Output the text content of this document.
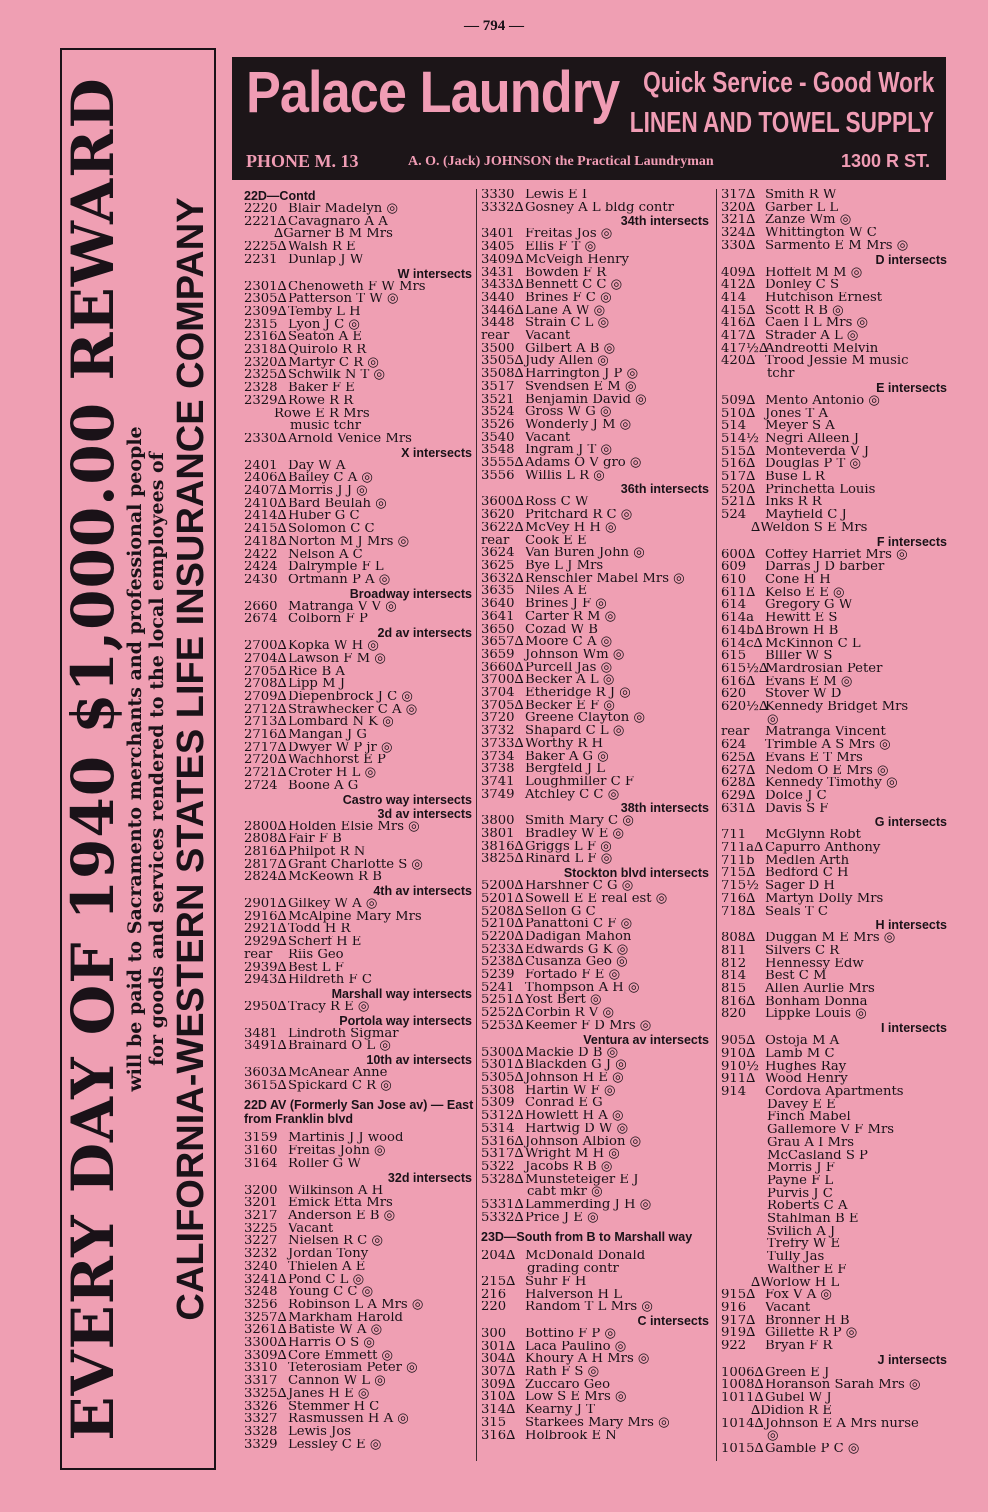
— 794 —
EVERY DAY OF 1940 $1,000.00 REWARD
will be paid to Sacramento merchants and professional people for goods and services rendered to the local employees of CALIFORNIA-WESTERN STATES LIFE INSURANCE COMPANY
Palace Laundry Quick Service - Good Work
LINEN AND TOWEL SUPPLY
PHONE M. 13	A. O. (Jack) JOHNSON the Practical Laundryman	1300 R ST.
22D—Contd
2220 Blair Madelyn ◎
2221∆Cavagnaro A A
∆Garner B M Mrs
2225∆Walsh R E
2231 Dunlap J W
W intersects
2301∆Chenoweth F W Mrs
2305∆Patterson T W ◎
2309∆Temby L H
2315 Lyon J C ◎
2316∆Seaton A E
2318∆Quirolo R R
2320∆Martyr C R ◎
2325∆Schwilk N T ◎
2328 Baker F E
2329∆Rowe R R
Rowe E R Mrs
music tchr
2330∆Arnold Venice Mrs
X intersects
2401 Day W A
2406∆Bailey C A ◎
2407∆Morris J J ◎
2410∆Bard Beulah ◎
2414∆Huber G C
2415∆Solomon C C
2418∆Norton M J Mrs ◎
2422 Nelson A C
2424 Dalrymple F L
2430 Ortmann P A ◎
Broadway intersects
2660 Matranga V V ◎
2674 Colborn F P
2d av intersects
2700∆Kopka W H ◎
2704∆Lawson F M ◎
2705∆Rice B A
2708∆Lipp M J
2709∆Diepenbrock J C ◎
2712∆Strawhecker C A ◎
2713∆Lombard N K ◎
2716∆Mangan J G
2717∆Dwyer W P jr ◎
2720∆Wachhorst E P
2721∆Croter H L ◎
2724 Boone A G
Castro way intersects
3d av intersects
2800∆Holden Elsie Mrs ◎
2808∆Fair F B
2816∆Philpot R N
2817∆Grant Charlotte S ◎
2824∆McKeown R B
4th av intersects
2901∆Gilkey W A ◎
2916∆McAlpine Mary Mrs
2921∆Todd H R
2929∆Scherf H E
rear Riis Geo
2939∆Best L F
2943∆Hildreth F C
Marshall way intersects
2950∆Tracy R E ◎
Portola way intersects
3481 Lindroth Sigmar
3491∆Brainard O L ◎
10th av intersects
3603∆McAnear Anne
3615∆Spickard C R ◎
22D AV (Formerly San Jose av) — East from Franklin blvd
3159 Martinis J J wood
3160 Freitas John ◎
3164 Roller G W
32d intersects
3200 Wilkinson A H
3201 Emick Etta Mrs
3217 Anderson E B ◎
3225 Vacant
3227 Nielsen R C ◎
3232 Jordan Tony
3240 Thielen A E
3241∆Pond C L ◎
3248 Young C C ◎
3256 Robinson L A Mrs ◎
3257∆Markham Harold
3261∆Batiste W A ◎
3300∆Harris O S ◎
3309∆Core Emmett ◎
3310 Teterosiam Peter ◎
3317 Cannon W L ◎
3325∆Janes H E ◎
3326 Stemmer H C
3327 Rasmussen H A ◎
3328 Lewis Jos
3329 Lessley C E ◎
3330 Lewis E I
3332∆Gosney A L bldg contr
34th intersects
3401 Freitas Jos ◎
3405 Ellis F T ◎
3409∆McVeigh Henry
3431 Bowden F R
3433∆Bennett C C ◎
3440 Brines F C ◎
3446∆Lane A W ◎
3448 Strain C L ◎
rear Vacant
3500 Gilbert A B ◎
3505∆Judy Allen ◎
3508∆Harrington J P ◎
3517 Svendsen E M ◎
3521 Benjamin David ◎
3524 Gross W G ◎
3526 Wonderly J M ◎
3540 Vacant
3548 Ingram J T ◎
3555∆Adams O V gro ◎
3556 Willis L R ◎
36th intersects
3600∆Ross C W
3620 Pritchard R C ◎
3622∆McVey H H ◎
rear Cook E E
3624 Van Buren John ◎
3625 Bye L J Mrs
3632∆Renschler Mabel Mrs ◎
3635 Niles A E
3640 Brines J F ◎
3641 Carter R M ◎
3650 Cozad W B
3657∆Moore C A ◎
3659 Johnson Wm ◎
3660∆Purcell Jas ◎
3700∆Becker A L ◎
3704 Etheridge R J ◎
3705∆Becker E F ◎
3720 Greene Clayton ◎
3732 Shapard C L ◎
3733∆Worthy R H
3734 Baker A G ◎
3738 Bergfeld J L
3741 Loughmiller C F
3749 Atchley C C ◎
38th intersects
3800 Smith Mary C ◎
3801 Bradley W E ◎
3816∆Griggs L F ◎
3825∆Rinard L F ◎
Stockton blvd intersects
5200∆Harshner C G ◎
5201∆Sowell E E real est ◎
5208∆Sellon G C
5210∆Panattoni C F ◎
5220∆Dadigan Mahon
5233∆Edwards G K ◎
5238∆Cusanza Geo ◎
5239 Fortado F E ◎
5241 Thompson A H ◎
5251∆Yost Bert ◎
5252∆Corbin R V ◎
5253∆Keemer F D Mrs ◎
Ventura av intersects
5300∆Mackie D B ◎
5301∆Blackden G J ◎
5305∆Johnson H E ◎
5308 Hartin W F ◎
5309 Conrad E G
5312∆Howlett H A ◎
5314 Hartwig D W ◎
5316∆Johnson Albion ◎
5317∆Wright M H ◎
5322 Jacobs R B ◎
5328∆Munsteteiger E J
cabt mkr ◎
5331∆Lammerding J H ◎
5332∆Price J E ◎
23D—South from B to Marshall way
204∆ McDonald Donald
grading contr
215∆ Suhr F H
216 Halverson H L
220 Random T L Mrs ◎
C intersects
300 Bottino F P ◎
301∆ Laca Paulino ◎
304∆ Khoury A H Mrs ◎
307∆ Rath F S ◎
309∆ Zuccaro Geo
310∆ Low S E Mrs ◎
314∆ Kearny J T
315 Starkees Mary Mrs ◎
316∆ Holbrook E N
317∆ Smith R W
320∆ Garber L L
321∆ Zanze Wm ◎
324∆ Whittington W C
330∆ Sarmento E M Mrs ◎
D intersects
409∆ Hoffelt M M ◎
412∆ Donley C S
414 Hutchison Ernest
415∆ Scott R B ◎
416∆ Caen I L Mrs ◎
417∆ Strader A L ◎
417½∆Andreotti Melvin
420∆ Trood Jessie M music
tchr
E intersects
509∆ Mento Antonio ◎
510∆ Jones T A
514 Meyer S A
514½ Negri Alleen J
515∆ Monteverda V J
516∆ Douglas P T ◎
517∆ Buse L R
520∆ Princhetta Louis
521∆ Inks R R
524 Mayfield C J
∆Weldon S E Mrs
F intersects
600∆ Coffey Harriet Mrs ◎
609 Darras J D barber
610 Cone H H
611∆ Kelso E E ◎
614 Gregory G W
614a Hewitt E S
614b∆Brown H B
614c∆ McKinnon C L
615 Blller W S
615½∆Mardrosian Peter
616∆ Evans E M ◎
620 Stover W D
620½∆Kennedy Bridget Mrs
◎
rear Matranga Vincent
624 Trimble A S Mrs ◎
625∆ Evans E T Mrs
627∆ Nedom O E Mrs ◎
628∆ Kennedy Timothy ◎
629∆ Dolce J C
631∆ Davis S F
G intersects
711 McGlynn Robt
711a∆ Capurro Anthony
711b Medlen Arth
715∆ Bedford C H
715½ Sager D H
716∆ Martyn Dolly Mrs
718∆ Seals T C
H intersects
808∆ Duggan M E Mrs ◎
811 Silvers C R
812 Hennessy Edw
814 Best C M
815 Allen Aurlie Mrs
816∆ Bonham Donna
820 Lippke Louis ◎
I intersects
905∆ Ostoja M A
910∆ Lamb M C
910½ Hughes Ray
911∆ Wood Henry
914 Cordova Apartments
Davey E E
Finch Mabel
Gallemore V F Mrs
Grau A I Mrs
McCasland S P
Morris J F
Payne F L
Purvis J C
Roberts C A
Stahlman B E
Svilich A J
Trefry W E
Tully Jas
Walther E F
∆Worlow H L
915∆ Fox V A ◎
916 Vacant
917∆ Bronner H B
919∆ Gillette R P ◎
922 Bryan F R
J intersects
1006∆Green E J
1008∆Horanson Sarah Mrs ◎
1011∆Gubel W J
∆Didion R E
1014∆Johnson E A Mrs nurse
◎
1015∆Gamble P C ◎
